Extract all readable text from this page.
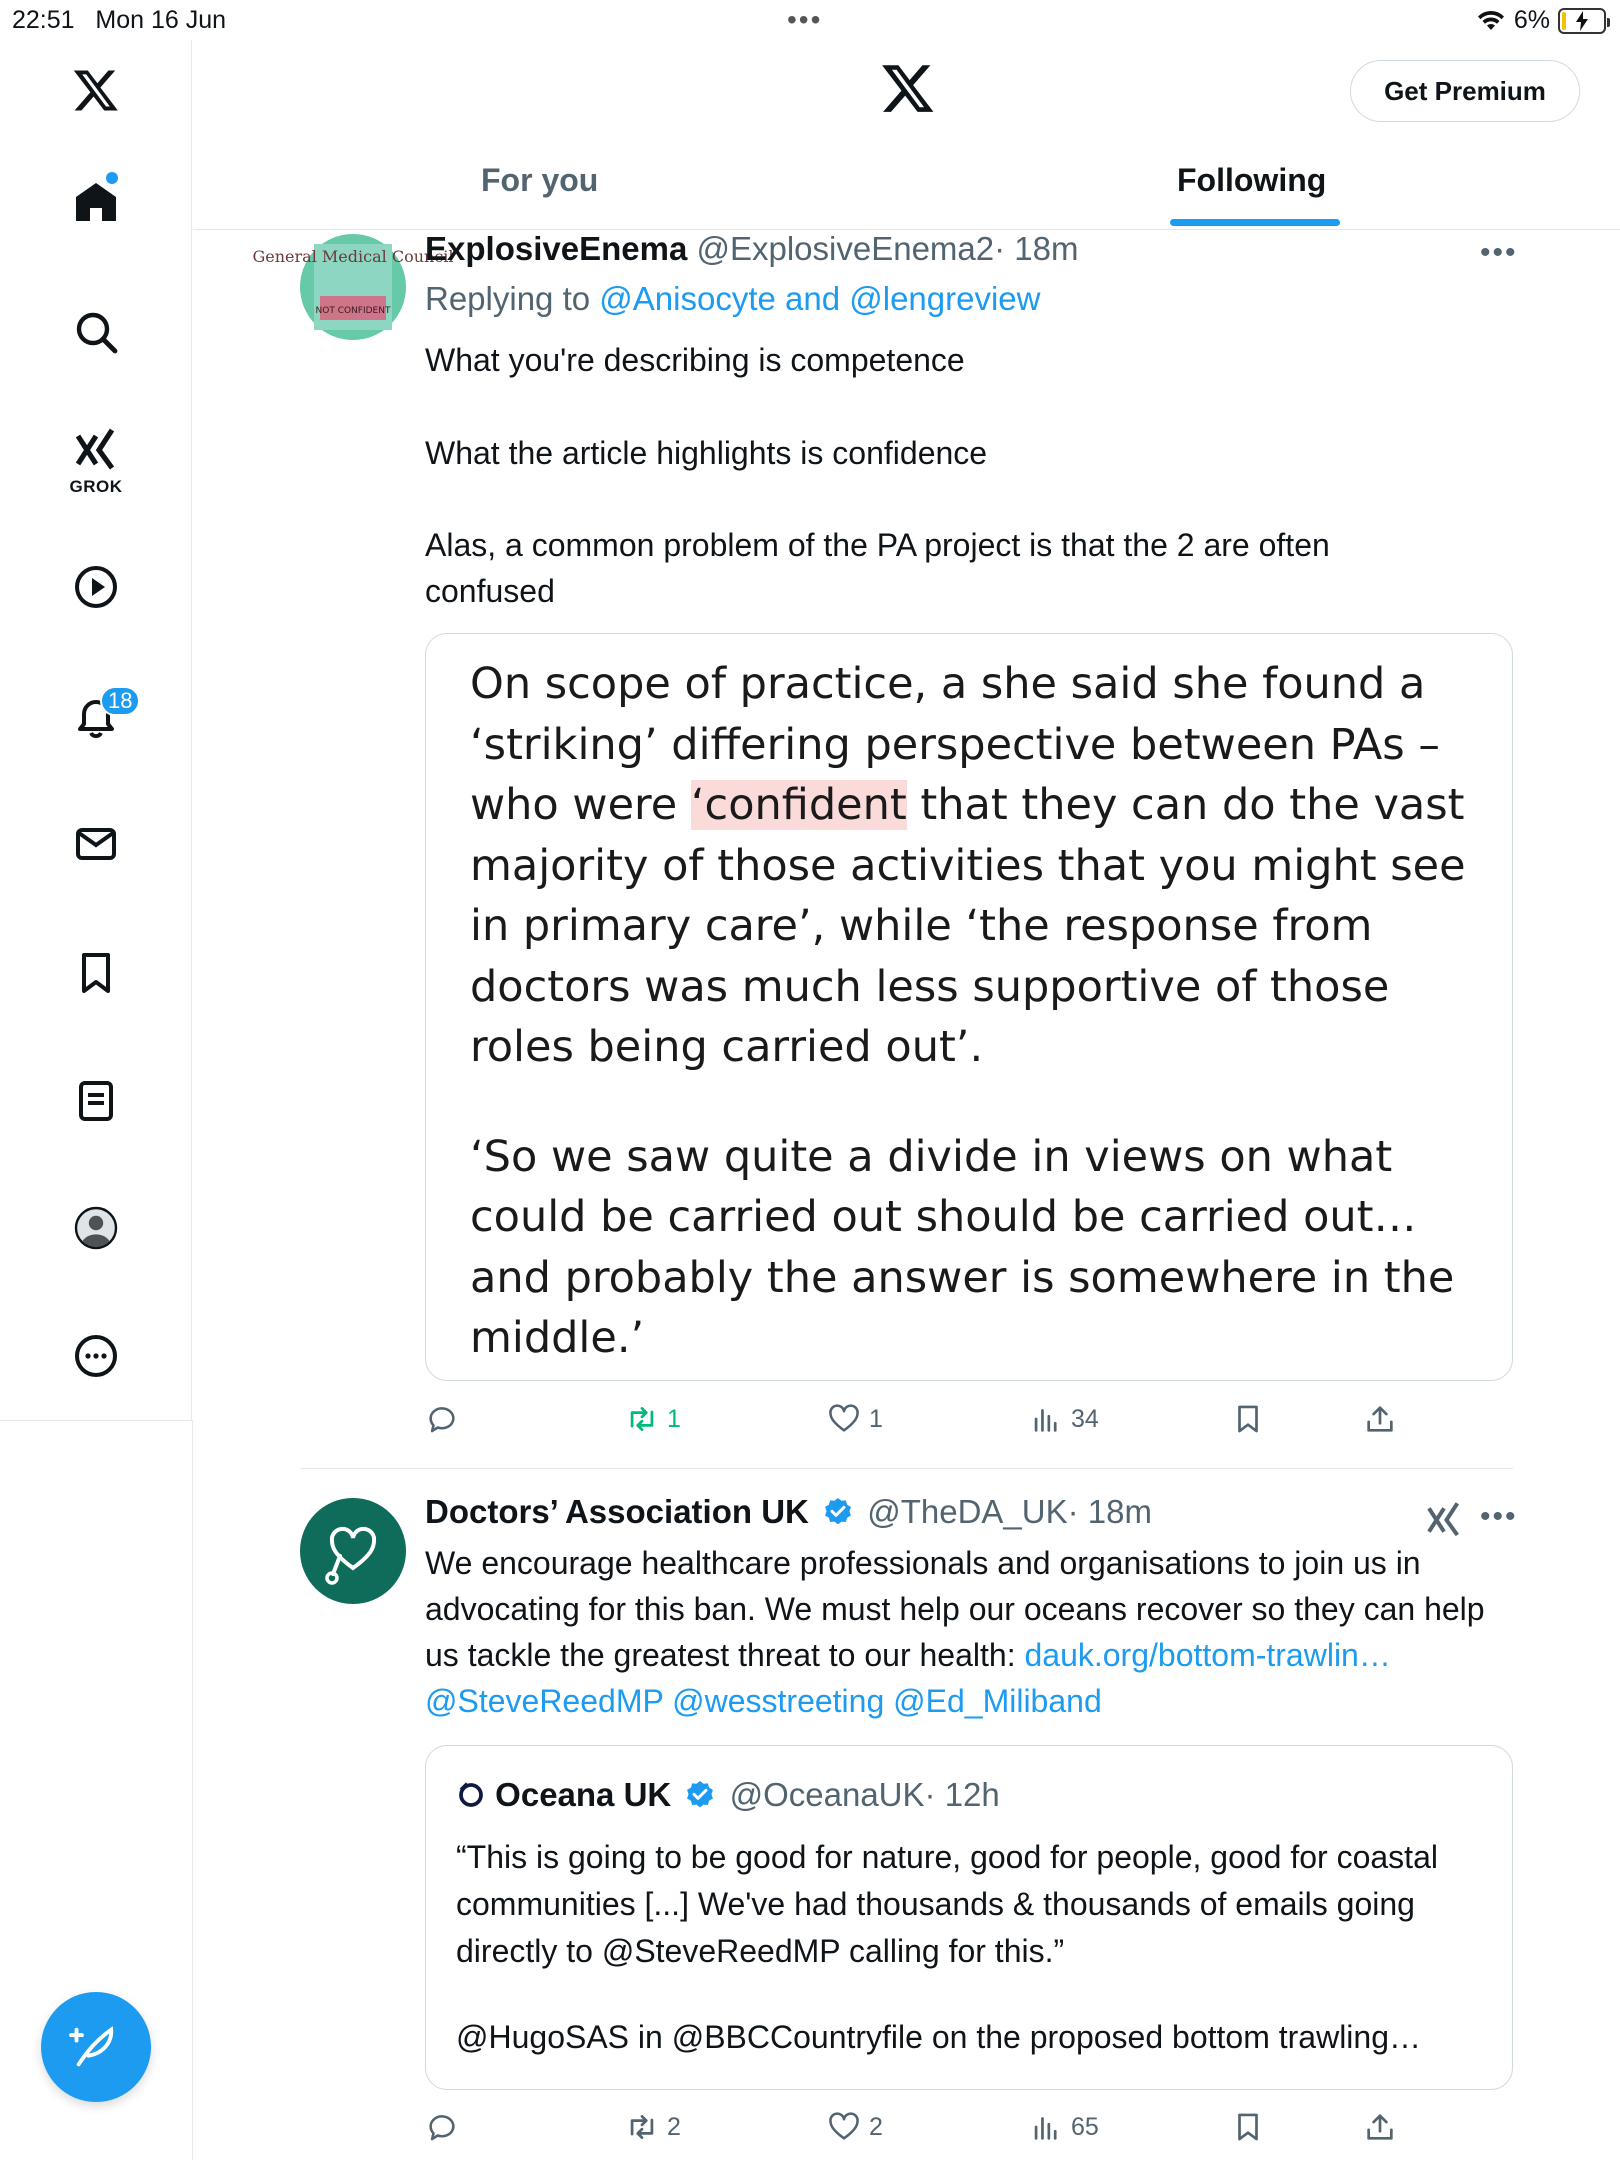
22:51 Mon 16 Jun	•••	6%
GROK
18
Get Premium
For you	Following
General Medical Council
NOT CONFIDENT
ExplosiveEnema @ExplosiveEnema2· 18m	•••
Replying to @Anisocyte and @lengreview
What you're describing is competence
What the article highlights is confidence
Alas, a common problem of the PA project is that the 2 are often confused

On scope of practice, a she said she found a ‘striking’ differing perspective between PAs – who were ‘confident that they can do the vast majority of those activities that you might see in primary care’, while ‘the response from doctors was much less supportive of those roles being carried out’.

‘So we saw quite a divide in views on what could be carried out should be carried out… and probably the answer is somewhere in the middle.’

1	1	34
Doctors’ Association UK @TheDA_UK· 18m	•••
We encourage healthcare professionals and organisations to join us in advocating for this ban. We must help our oceans recover so they can help us tackle the greatest threat to our health: dauk.org/bottom-trawlin… @SteveReedMP @wesstreeting @Ed_Miliband
Oceana UK @OceanaUK· 12h
“This is going to be good for nature, good for people, good for coastal communities [...] We've had thousands & thousands of emails going directly to @SteveReedMP calling for this.”
@HugoSAS in @BBCCountryfile on the proposed bottom trawling…
2	2	65
